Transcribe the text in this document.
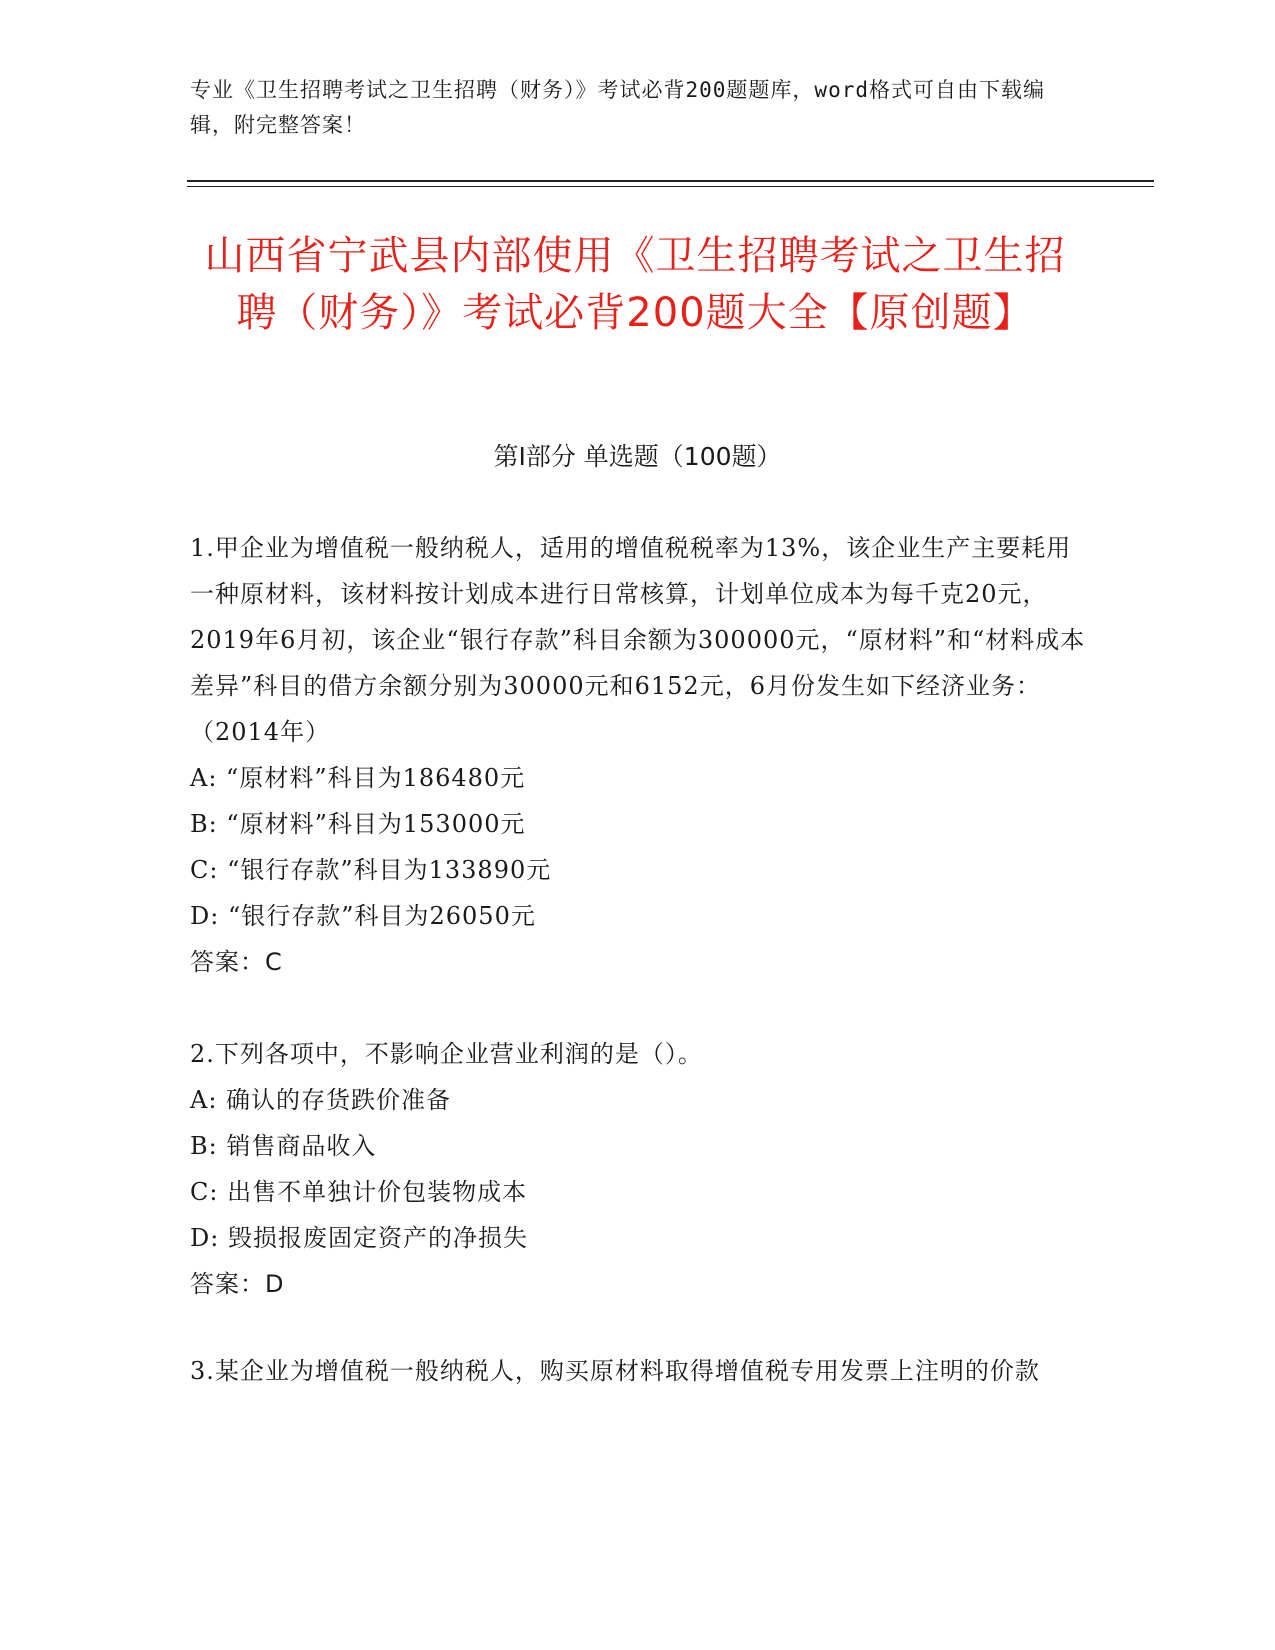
专业《卫生招聘考试之卫生招聘（财务）》考试必背200题题库，word格式可自由下载编辑，附完整答案！
山西省宁武县内部使用《卫生招聘考试之卫生招聘（财务）》考试必背200题大全【原创题】
第I部分 单选题（100题）

1.甲企业为增值税一般纳税人，适用的增值税税率为13%，该企业生产主要耗用一种原材料，该材料按计划成本进行日常核算，计划单位成本为每千克20元，2019年6月初，该企业“银行存款”科目余额为300000元，“原材料”和“材料成本差异”科目的借方余额分别为30000元和6152元，6月份发生如下经济业务：（2014年）

A: “原材料”科目为186480元

B: “原材料”科目为153000元

C: “银行存款”科目为133890元

D: “银行存款”科目为26050元

答案：C

2.下列各项中，不影响企业营业利润的是（）。

A: 确认的存货跌价准备

B: 销售商品收入

C: 出售不单独计价包装物成本

D: 毁损报废固定资产的净损失

答案：D

3.某企业为增值税一般纳税人，购买原材料取得增值税专用发票上注明的价款
